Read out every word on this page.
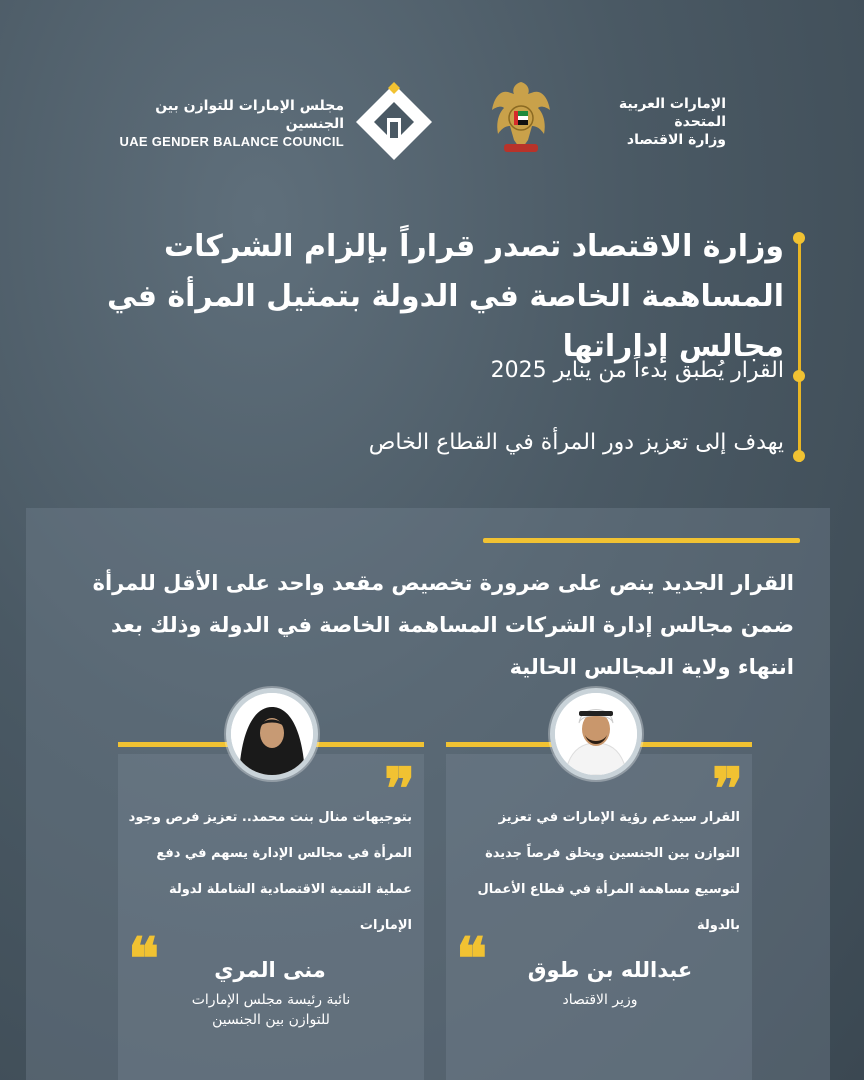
مجلس الإمارات للتوازن بين الجنسين
UAE GENDER BALANCE COUNCIL
الإمارات العربية المتحدة
وزارة الاقتصاد
وزارة الاقتصاد تصدر قراراً بإلزام الشركات المساهمة الخاصة في الدولة بتمثيل المرأة في مجالس إداراتها
القرار يُطبق بدءاً من يناير 2025
يهدف إلى تعزيز دور المرأة في القطاع الخاص
القرار الجديد ينص على ضرورة تخصيص مقعد واحد على الأقل للمرأة ضمن مجالس إدارة الشركات المساهمة الخاصة في الدولة وذلك بعد انتهاء ولاية المجالس الحالية
❞
القرار سيدعم رؤية الإمارات في تعزيز التوازن بين الجنسين ويخلق فرصاً جديدة لتوسيع مساهمة المرأة في قطاع الأعمال بالدولة
❝	عبدالله بن طوق
وزير الاقتصاد
❞
بتوجيهات منال بنت محمد.. تعزيز فرص وجود المرأة في مجالس الإدارة يسهم في دفع عملية التنمية الاقتصادية الشاملة لدولة الإمارات
❝	منى المري
نائبة رئيسة مجلس الإمارات للتوازن بين الجنسين
